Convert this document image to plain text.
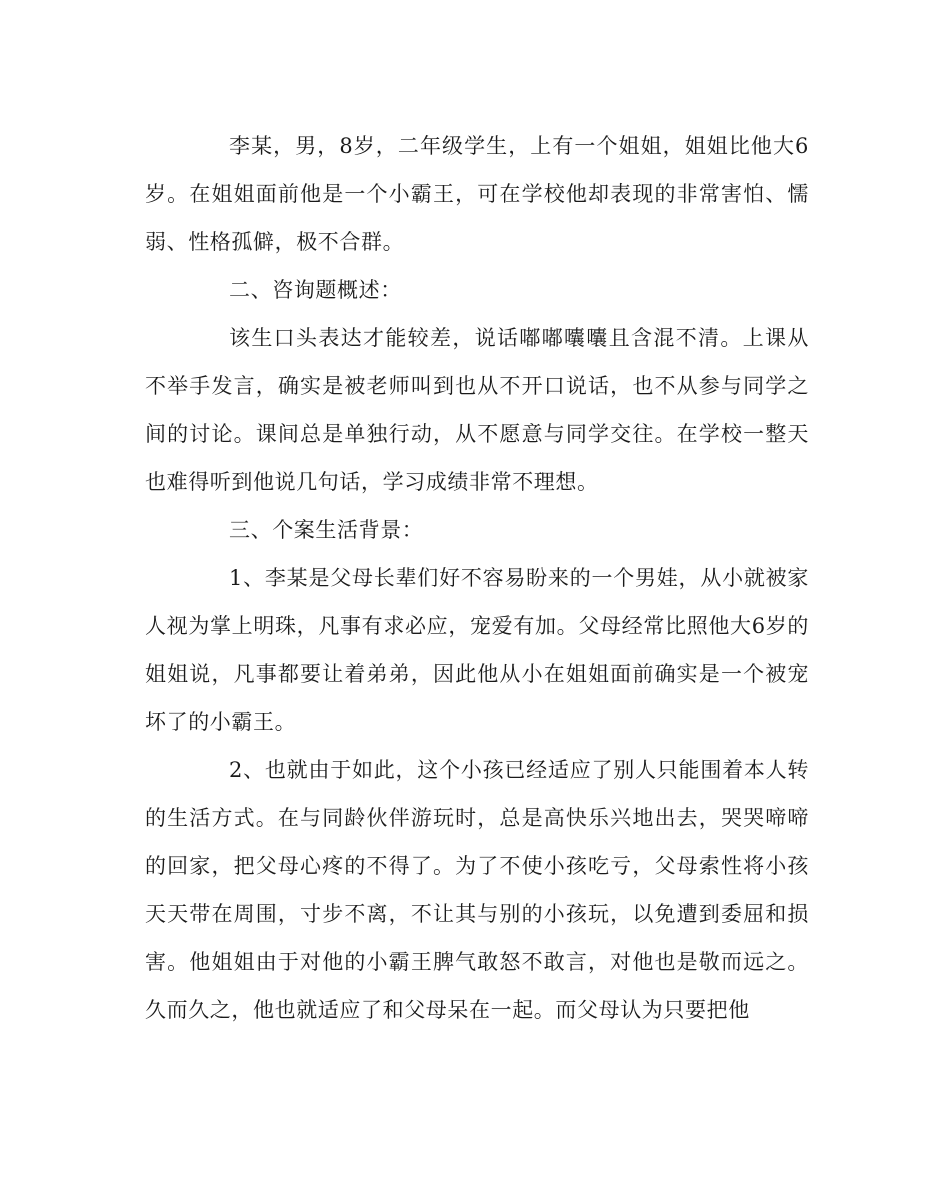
李某，男，8岁，二年级学生，上有一个姐姐，姐姐比他大6岁。在姐姐面前他是一个小霸王，可在学校他却表现的非常害怕、懦弱、性格孤僻，极不合群。

二、咨询题概述：

该生口头表达才能较差，说话嘟嘟囔囔且含混不清。上课从不举手发言，确实是被老师叫到也从不开口说话，也不从参与同学之间的讨论。课间总是单独行动，从不愿意与同学交往。在学校一整天也难得听到他说几句话，学习成绩非常不理想。

三、个案生活背景：

1、李某是父母长辈们好不容易盼来的一个男娃，从小就被家人视为掌上明珠，凡事有求必应，宠爱有加。父母经常比照他大6岁的姐姐说，凡事都要让着弟弟，因此他从小在姐姐面前确实是一个被宠坏了的小霸王。

2、也就由于如此，这个小孩已经适应了别人只能围着本人转的生活方式。在与同龄伙伴游玩时，总是高快乐兴地出去，哭哭啼啼的回家，把父母心疼的不得了。为了不使小孩吃亏，父母索性将小孩天天带在周围，寸步不离，不让其与别的小孩玩，以免遭到委屈和损害。他姐姐由于对他的小霸王脾气敢怒不敢言，对他也是敬而远之。久而久之，他也就适应了和父母呆在一起。而父母认为只要把他
